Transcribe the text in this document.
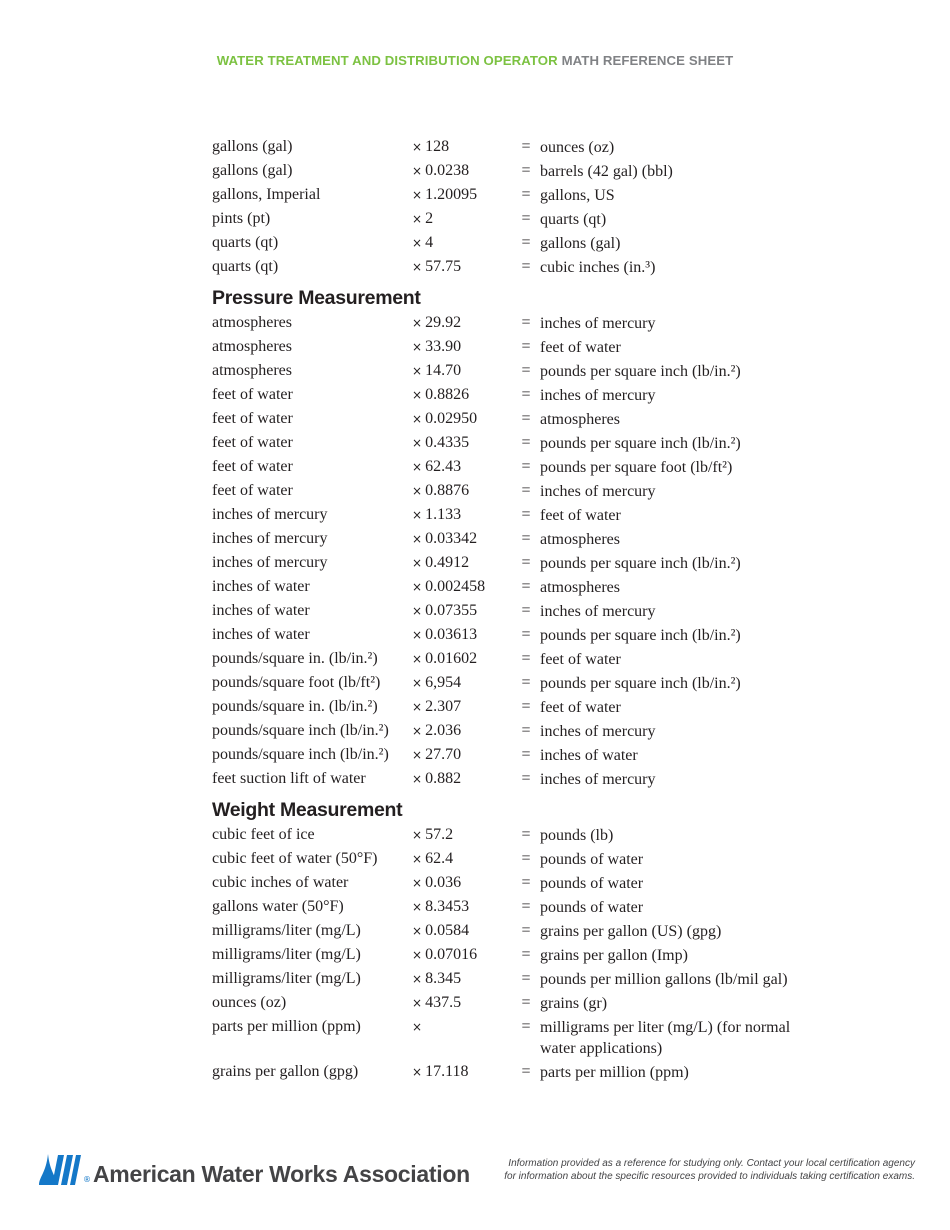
WATER TREATMENT AND DISTRIBUTION OPERATOR MATH REFERENCE SHEET
gallons (gal)	× 128	= ounces (oz)
gallons (gal)	× 0.0238	= barrels (42 gal) (bbl)
gallons, Imperial	× 1.20095	= gallons, US
pints (pt)	× 2	= quarts (qt)
quarts (qt)	× 4	= gallons (gal)
quarts (qt)	× 57.75	= cubic inches (in.³)
Pressure Measurement
atmospheres	× 29.92	= inches of mercury
atmospheres	× 33.90	= feet of water
atmospheres	× 14.70	= pounds per square inch (lb/in.²)
feet of water	× 0.8826	= inches of mercury
feet of water	× 0.02950	= atmospheres
feet of water	× 0.4335	= pounds per square inch (lb/in.²)
feet of water	× 62.43	= pounds per square foot (lb/ft²)
feet of water	× 0.8876	= inches of mercury
inches of mercury	× 1.133	= feet of water
inches of mercury	× 0.03342	= atmospheres
inches of mercury	× 0.4912	= pounds per square inch (lb/in.²)
inches of water	× 0.002458	= atmospheres
inches of water	× 0.07355	= inches of mercury
inches of water	× 0.03613	= pounds per square inch (lb/in.²)
pounds/square in. (lb/in.²)	× 0.01602	= feet of water
pounds/square foot (lb/ft²)	× 6,954	= pounds per square inch (lb/in.²)
pounds/square in. (lb/in.²)	× 2.307	= feet of water
pounds/square inch (lb/in.²)	× 2.036	= inches of mercury
pounds/square inch (lb/in.²)	× 27.70	= inches of water
feet suction lift of water	× 0.882	= inches of mercury
Weight Measurement
cubic feet of ice	× 57.2	= pounds (lb)
cubic feet of water (50°F)	× 62.4	= pounds of water
cubic inches of water	× 0.036	= pounds of water
gallons water (50°F)	× 8.3453	= pounds of water
milligrams/liter (mg/L)	× 0.0584	= grains per gallon (US) (gpg)
milligrams/liter (mg/L)	× 0.07016	= grains per gallon (Imp)
milligrams/liter (mg/L)	× 8.345	= pounds per million gallons (lb/mil gal)
ounces (oz)	× 437.5	= grains (gr)
parts per million (ppm)	×	= milligrams per liter (mg/L) (for normal water applications)
grains per gallon (gpg)	× 17.118	= parts per million (ppm)
® American Water Works Association	Information provided as a reference for studying only. Contact your local certification agency
for information about the specific resources provided to individuals taking certification exams.
